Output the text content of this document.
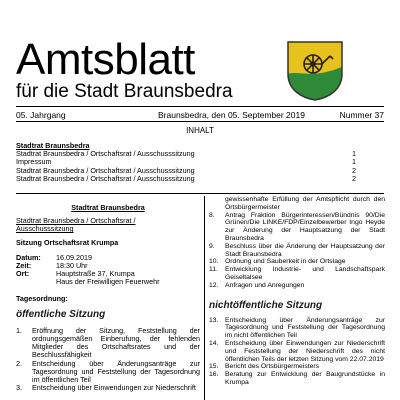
Amtsblatt
für die Stadt Braunsbedra
05. Jahrgang	Braunsbedra, den 05. September 2019	Nummer 37
INHALT
Stadtrat Braunsbedra
Stadtrat Braunsbedra / Ortschaftsrat / Ausschusssitzung	1
Impressum	1
Stadtrat Braunsbedra / Ortschaftsrat / Ausschusssitzung	2
Stadtrat Braunsbedra / Ortschaftsrat / Ausschusssitzung	2
Stadtrat Braunsbedra
Stadtrat Braunsbedra / Ortschaftsrat /
Ausschusssitzung
Sitzung Ortschaftsrat Krumpa
Datum:	16.09.2019
Zeit:	18:30 Uhr
Ort:	Hauptstraße 37, Krumpa
	Haus der Freiwilligen Feuerwehr
Tagesordnung:
öffentliche Sitzung
1. Eröffnung der Sitzung, Feststellung der ordnungsgemäßen Einberufung, der fehlenden Mitglieder des Ortschaftsrates und der Beschlussfähigkeit
2. Entscheidung über Änderungsanträge zur Tagesordnung und Feststellung der Tagesordnung im öffentlichen Teil
3. Entscheidung über Einwendungen zur Niederschrift
gewissenhafte Erfüllung der Amtspflicht durch den Ortsbürgermeister
8. Antrag Fraktion Bürgerinteressen/Bündnis 90/Die Grünen/Die LINKE/FDP/Einzelbewerber Ingo Heyde zur Änderung der Hauptsatzung der Stadt Braunsbedra
9. Beschluss über die Änderung der Hauptsatzung der Stadt Braunsbedra
10. Ordnung und Sauberkeit in der Ortslage
11. Entwicklung Industrie- und Landschaftspark Geiseltalsee
12. Anfragen und Anregungen
nichtöffentliche Sitzung
13. Entscheidung über Änderungsanträge zur Tagesordnung und Feststellung der Tagesordnung im nicht öffentlichen Teil
14. Entscheidung über Einwendungen zur Niederschrift und Feststellung der Niederschrift des nicht öffentlichen Teils der letzten Sitzung vom 22.07.2019
15. Bericht des Ortsbürgermeisters
16. Beratung zur Entwicklung der Baugrundstücke in Krumpa
